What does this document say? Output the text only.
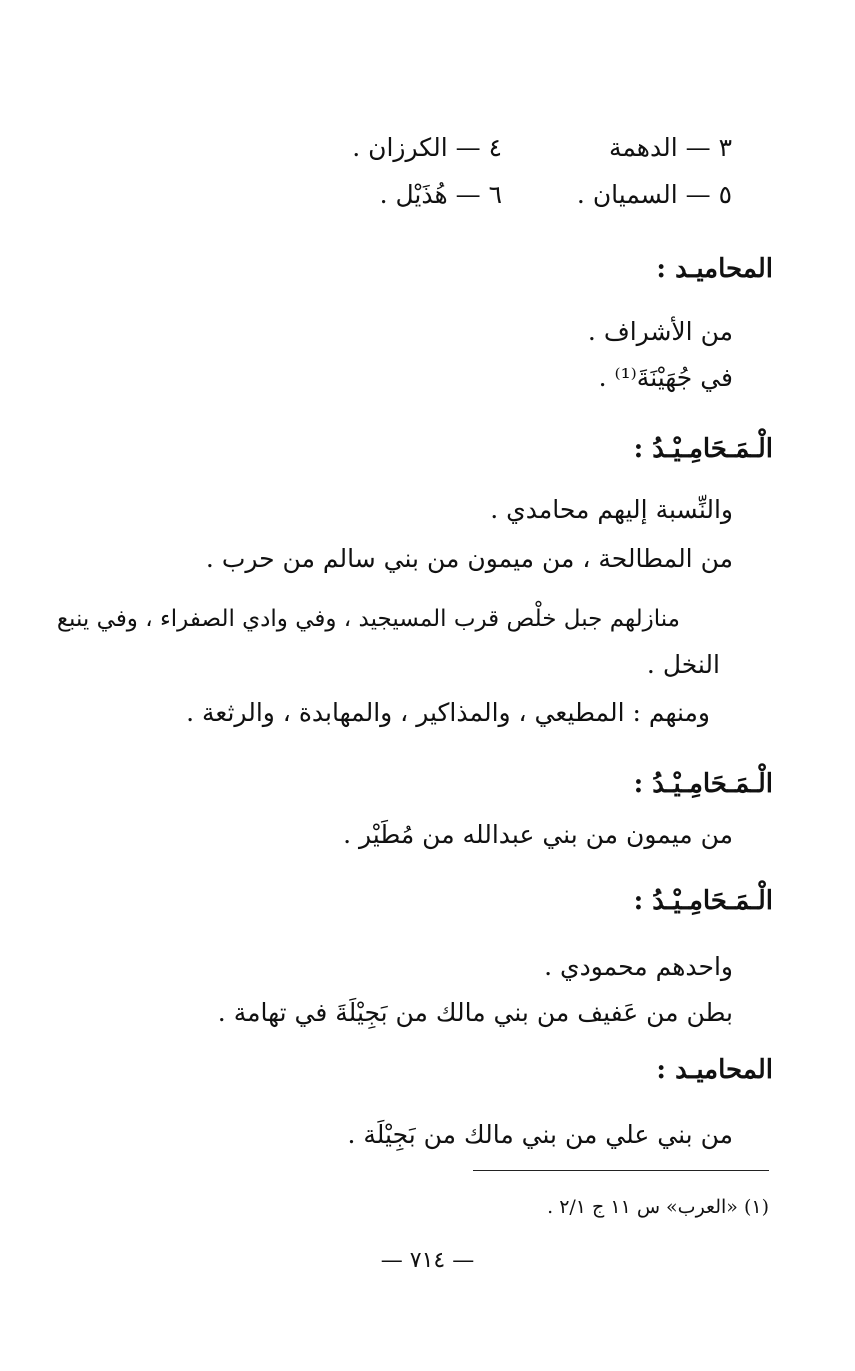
٣ — الدهمة
٤ — الكرزان .
٥ — السميان .
٦ — هُذَيْل .
المحاميـد :
من الأشراف .
في جُهَيْنَةَ⁽¹⁾ .
الْـمَـحَامِـيْـدُ :
والنِّسبة إليهم محامدي .
من المطالحة ، من ميمون من بني سالم من حرب .
منازلهم جبل خلْص قرب المسيجيد ، وفي وادي الصفراء ، وفي ينبع
النخل .
ومنهم : المطيعي ، والمذاكير ، والمهابدة ، والرثعة .
الْـمَـحَامِـيْـدُ :
من ميمون من بني عبدالله من مُطَيْر .
الْـمَـحَامِـيْـدُ :
واحدهم محمودي .
بطن من عَفيف من بني مالك من بَجِيْلَةَ في تهامة .
المحاميـد :
من بني علي من بني مالك من بَجِيْلَة .
(١) «العرب» س ١١ ج ٢/١ .
— ٧١٤ —
